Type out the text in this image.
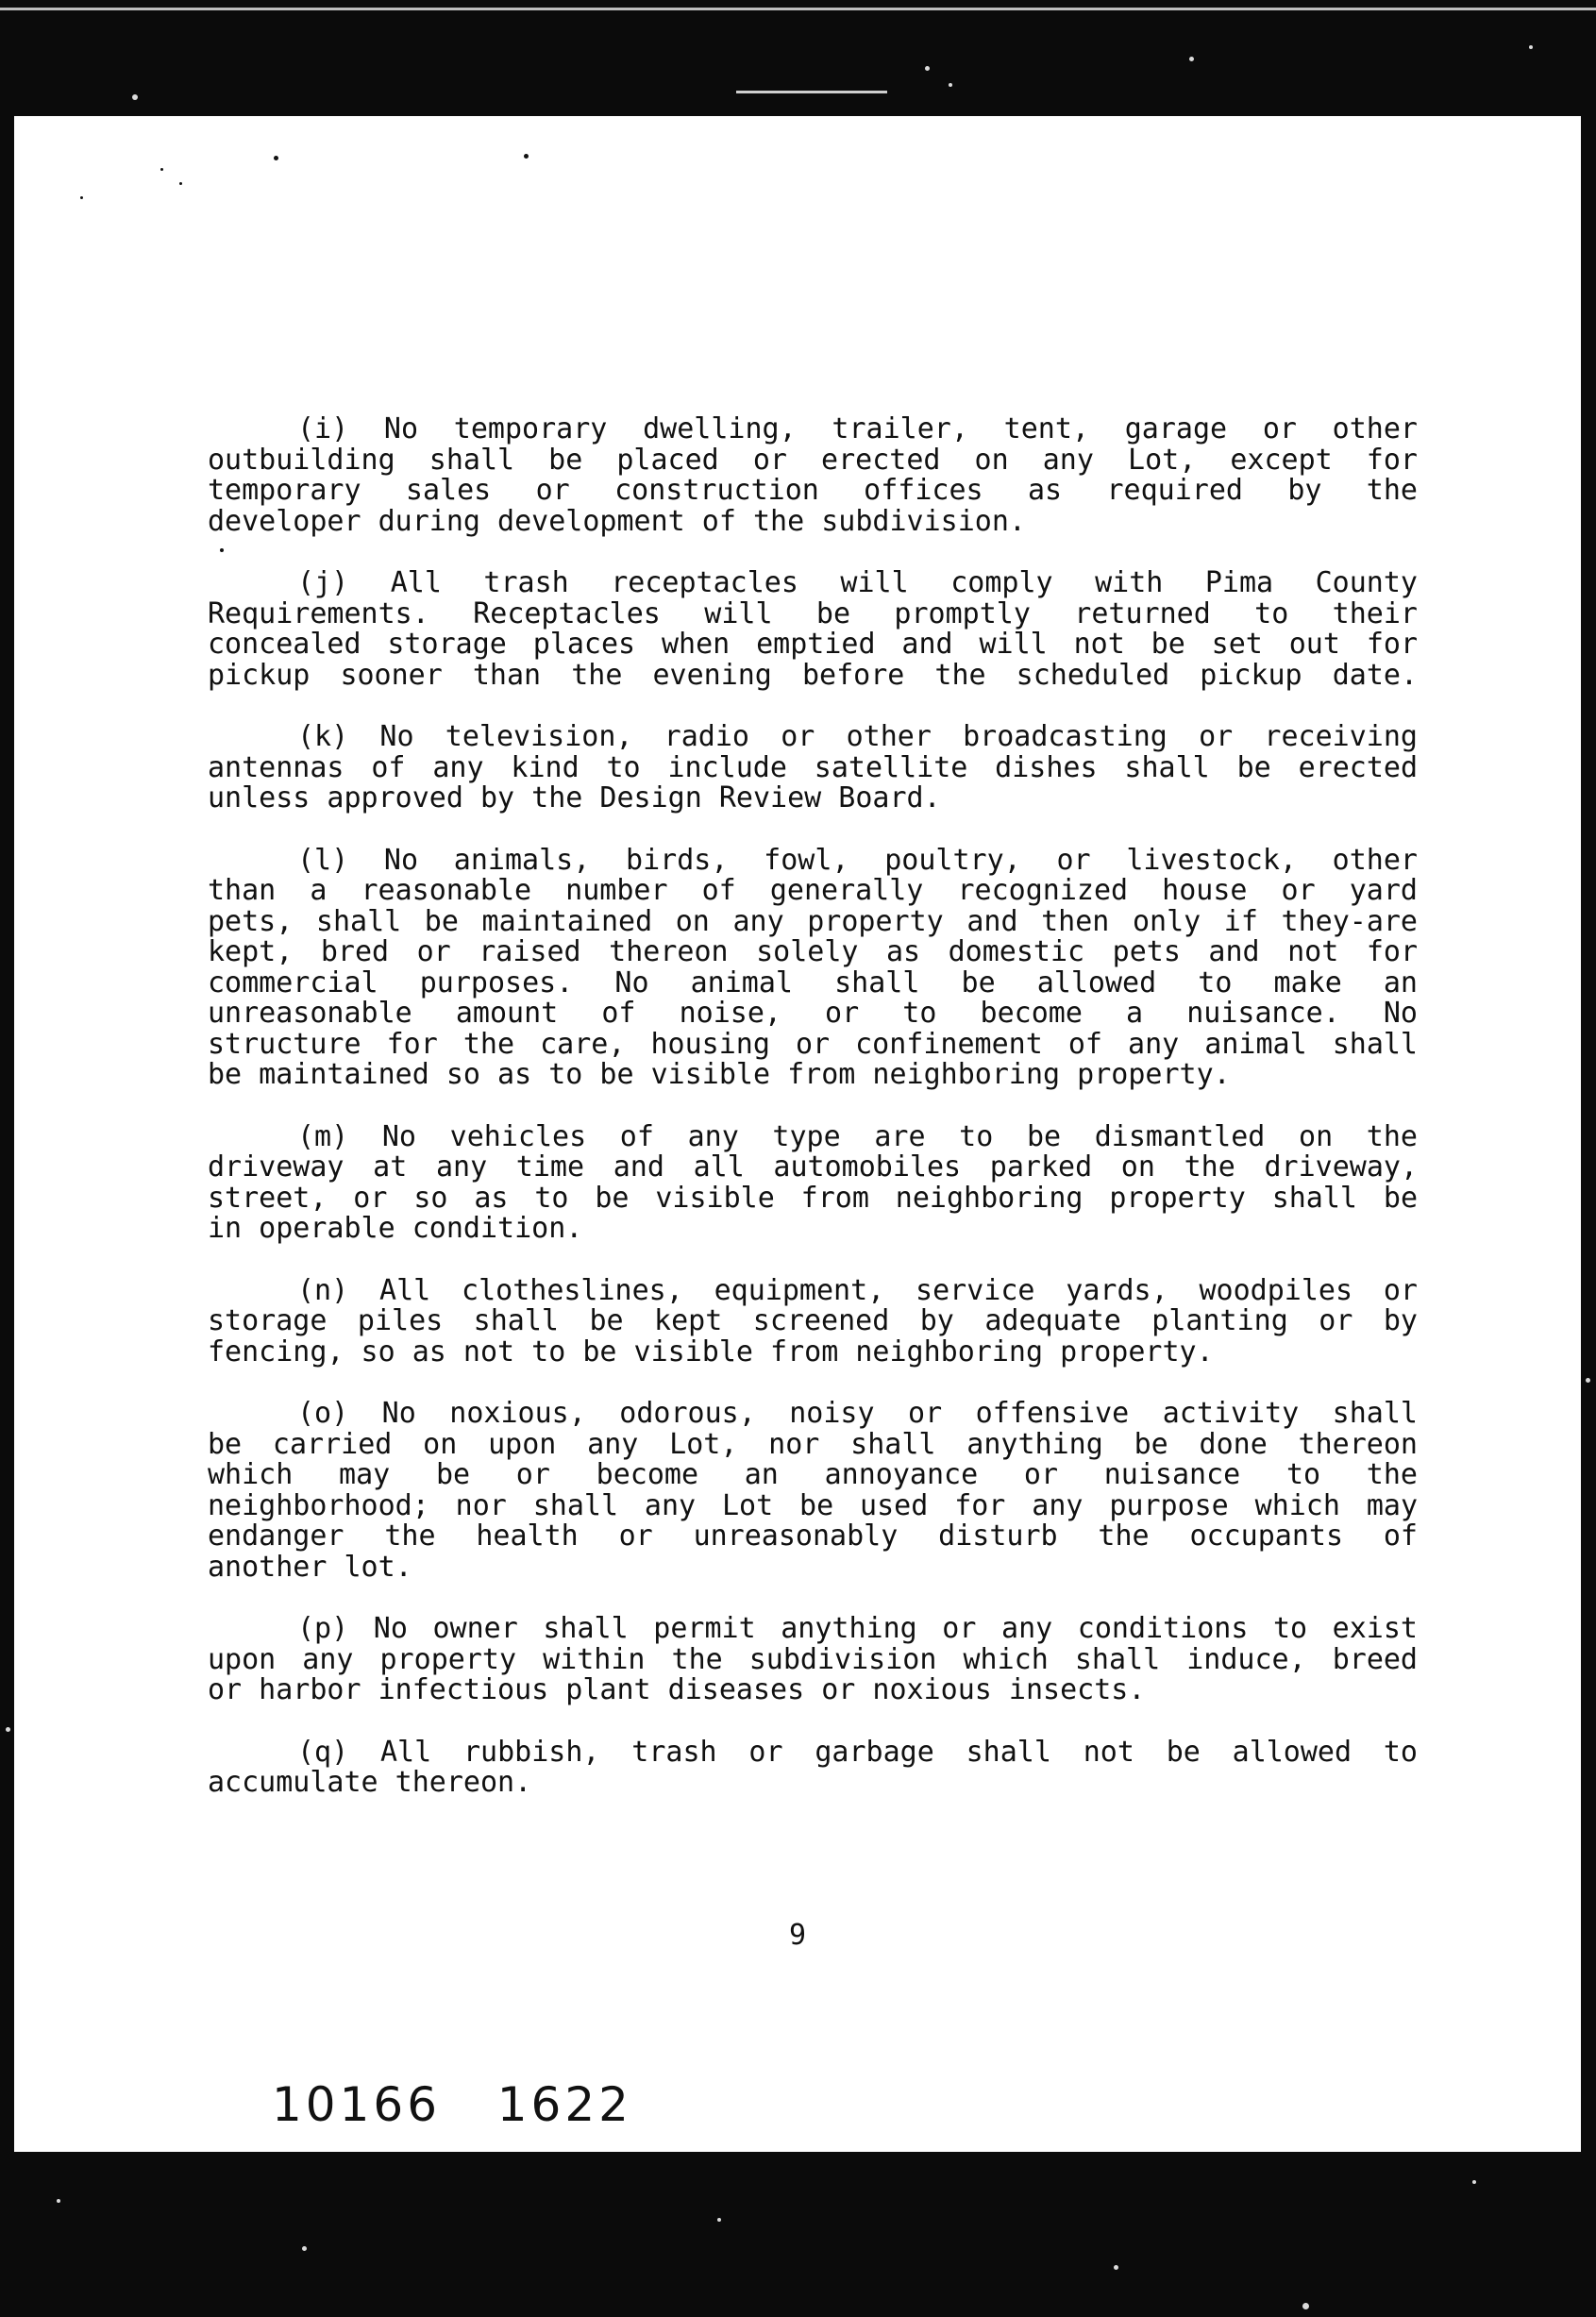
(i) No temporary dwelling, trailer, tent, garage or other
outbuilding shall be placed or erected on any Lot, except for
temporary sales or construction offices as required by the
developer during development of the subdivision.
(j) All trash receptacles will comply with Pima County
Requirements. Receptacles will be promptly returned to their
concealed storage places when emptied and will not be set out for
pickup sooner than the evening before the scheduled pickup date.
(k) No television, radio or other broadcasting or receiving
antennas of any kind to include satellite dishes shall be erected
unless approved by the Design Review Board.
(l) No animals, birds, fowl, poultry, or livestock, other
than a reasonable number of generally recognized house or yard
pets, shall be maintained on any property and then only if they-are
kept, bred or raised thereon solely as domestic pets and not for
commercial purposes. No animal shall be allowed to make an
unreasonable amount of noise, or to become a nuisance. No
structure for the care, housing or confinement of any animal shall
be maintained so as to be visible from neighboring property.
(m) No vehicles of any type are to be dismantled on the
driveway at any time and all automobiles parked on the driveway,
street, or so as to be visible from neighboring property shall be
in operable condition.
(n) All clotheslines, equipment, service yards, woodpiles or
storage piles shall be kept screened by adequate planting or by
fencing, so as not to be visible from neighboring property.
(o) No noxious, odorous, noisy or offensive activity shall
be carried on upon any Lot, nor shall anything be done thereon
which may be or become an annoyance or nuisance to the
neighborhood; nor shall any Lot be used for any purpose which may
endanger the health or unreasonably disturb the occupants of
another lot.
(p) No owner shall permit anything or any conditions to exist
upon any property within the subdivision which shall induce, breed
or harbor infectious plant diseases or noxious insects.
(q) All rubbish, trash or garbage shall not be allowed to
accumulate thereon.
9
10166   1622
